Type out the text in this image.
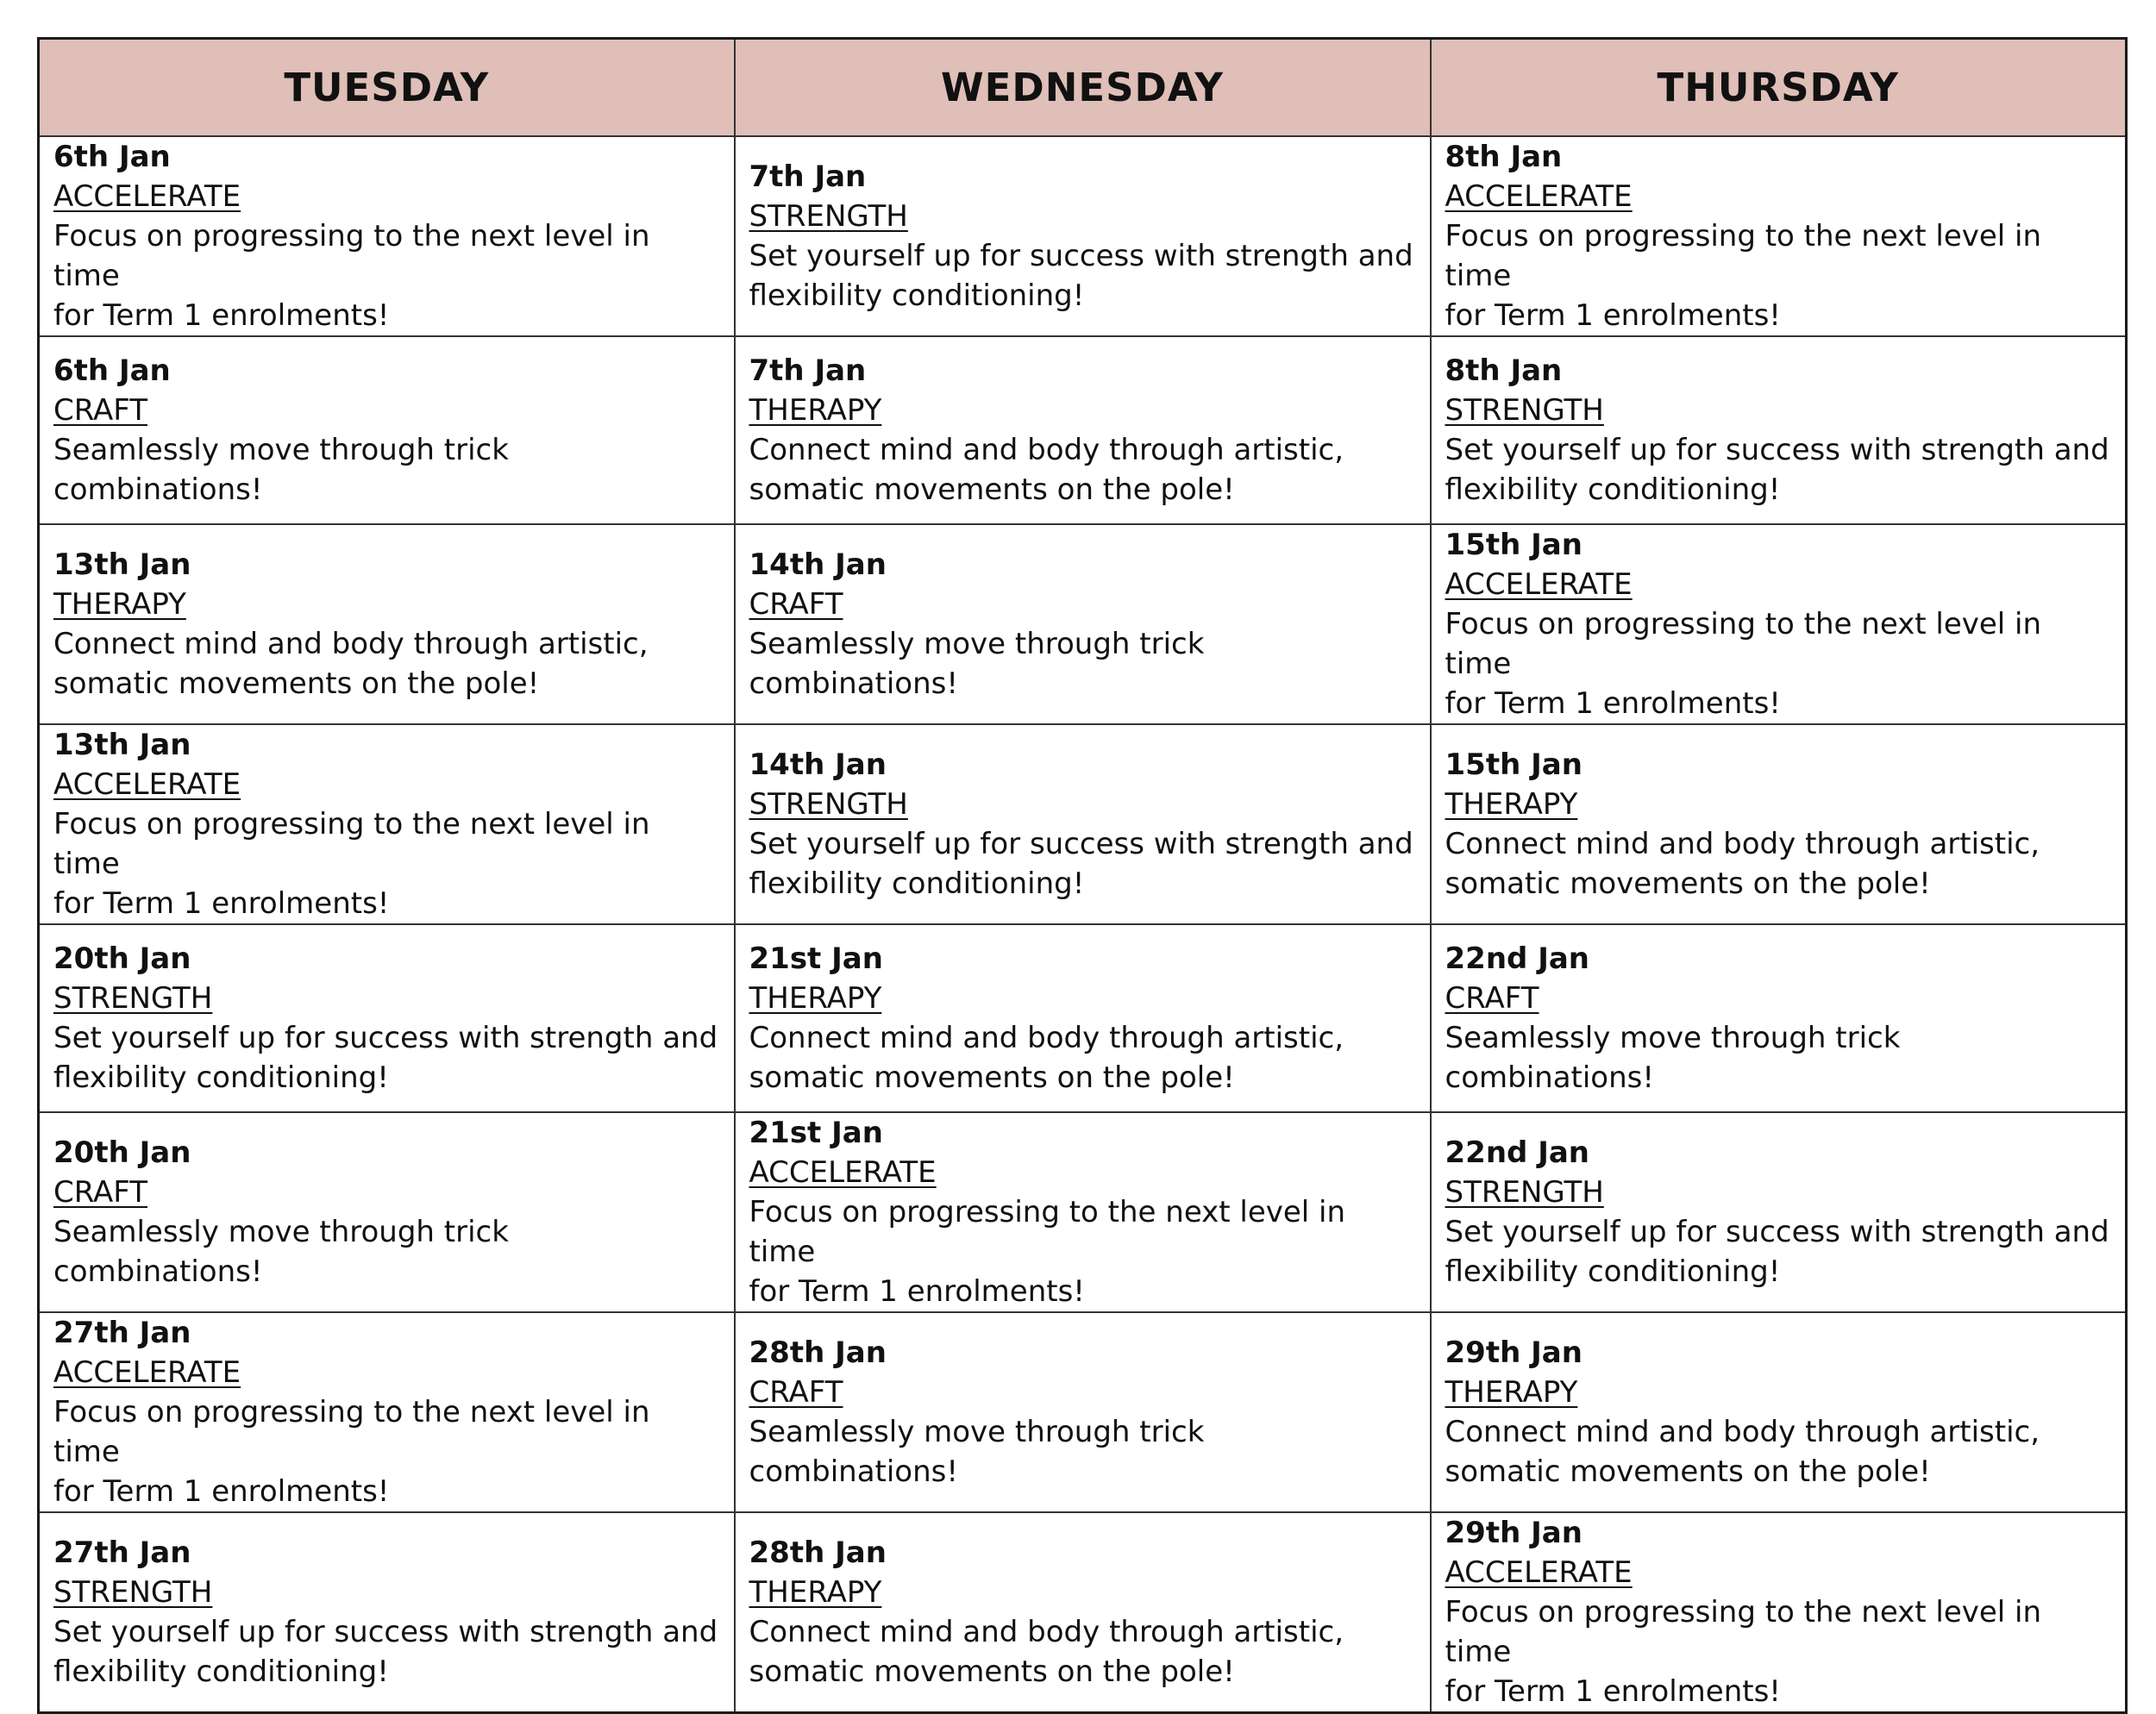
TUESDAY	WEDNESDAY	THURSDAY

6th Jan
ACCELERATE
Focus on progressing to the next level in time
for Term 1 enrolments!	7th Jan
STRENGTH
Set yourself up for success with strength and
flexibility conditioning!	8th Jan
ACCELERATE
Focus on progressing to the next level in time
for Term 1 enrolments!

6th Jan
CRAFT
Seamlessly move through trick combinations!	7th Jan
THERAPY
Connect mind and body through artistic,
somatic movements on the pole!	8th Jan
STRENGTH
Set yourself up for success with strength and
flexibility conditioning!

13th Jan
THERAPY
Connect mind and body through artistic,
somatic movements on the pole!	14th Jan
CRAFT
Seamlessly move through trick combinations!	15th Jan
ACCELERATE
Focus on progressing to the next level in time
for Term 1 enrolments!

13th Jan
ACCELERATE
Focus on progressing to the next level in time
for Term 1 enrolments!	14th Jan
STRENGTH
Set yourself up for success with strength and
flexibility conditioning!	15th Jan
THERAPY
Connect mind and body through artistic,
somatic movements on the pole!

20th Jan
STRENGTH
Set yourself up for success with strength and
flexibility conditioning!	21st Jan
THERAPY
Connect mind and body through artistic,
somatic movements on the pole!	22nd Jan
CRAFT
Seamlessly move through trick combinations!

20th Jan
CRAFT
Seamlessly move through trick combinations!	21st Jan
ACCELERATE
Focus on progressing to the next level in time
for Term 1 enrolments!	22nd Jan
STRENGTH
Set yourself up for success with strength and
flexibility conditioning!

27th Jan
ACCELERATE
Focus on progressing to the next level in time
for Term 1 enrolments!	28th Jan
CRAFT
Seamlessly move through trick combinations!	29th Jan
THERAPY
Connect mind and body through artistic,
somatic movements on the pole!

27th Jan
STRENGTH
Set yourself up for success with strength and
flexibility conditioning!	28th Jan
THERAPY
Connect mind and body through artistic,
somatic movements on the pole!	29th Jan
ACCELERATE
Focus on progressing to the next level in time
for Term 1 enrolments!
